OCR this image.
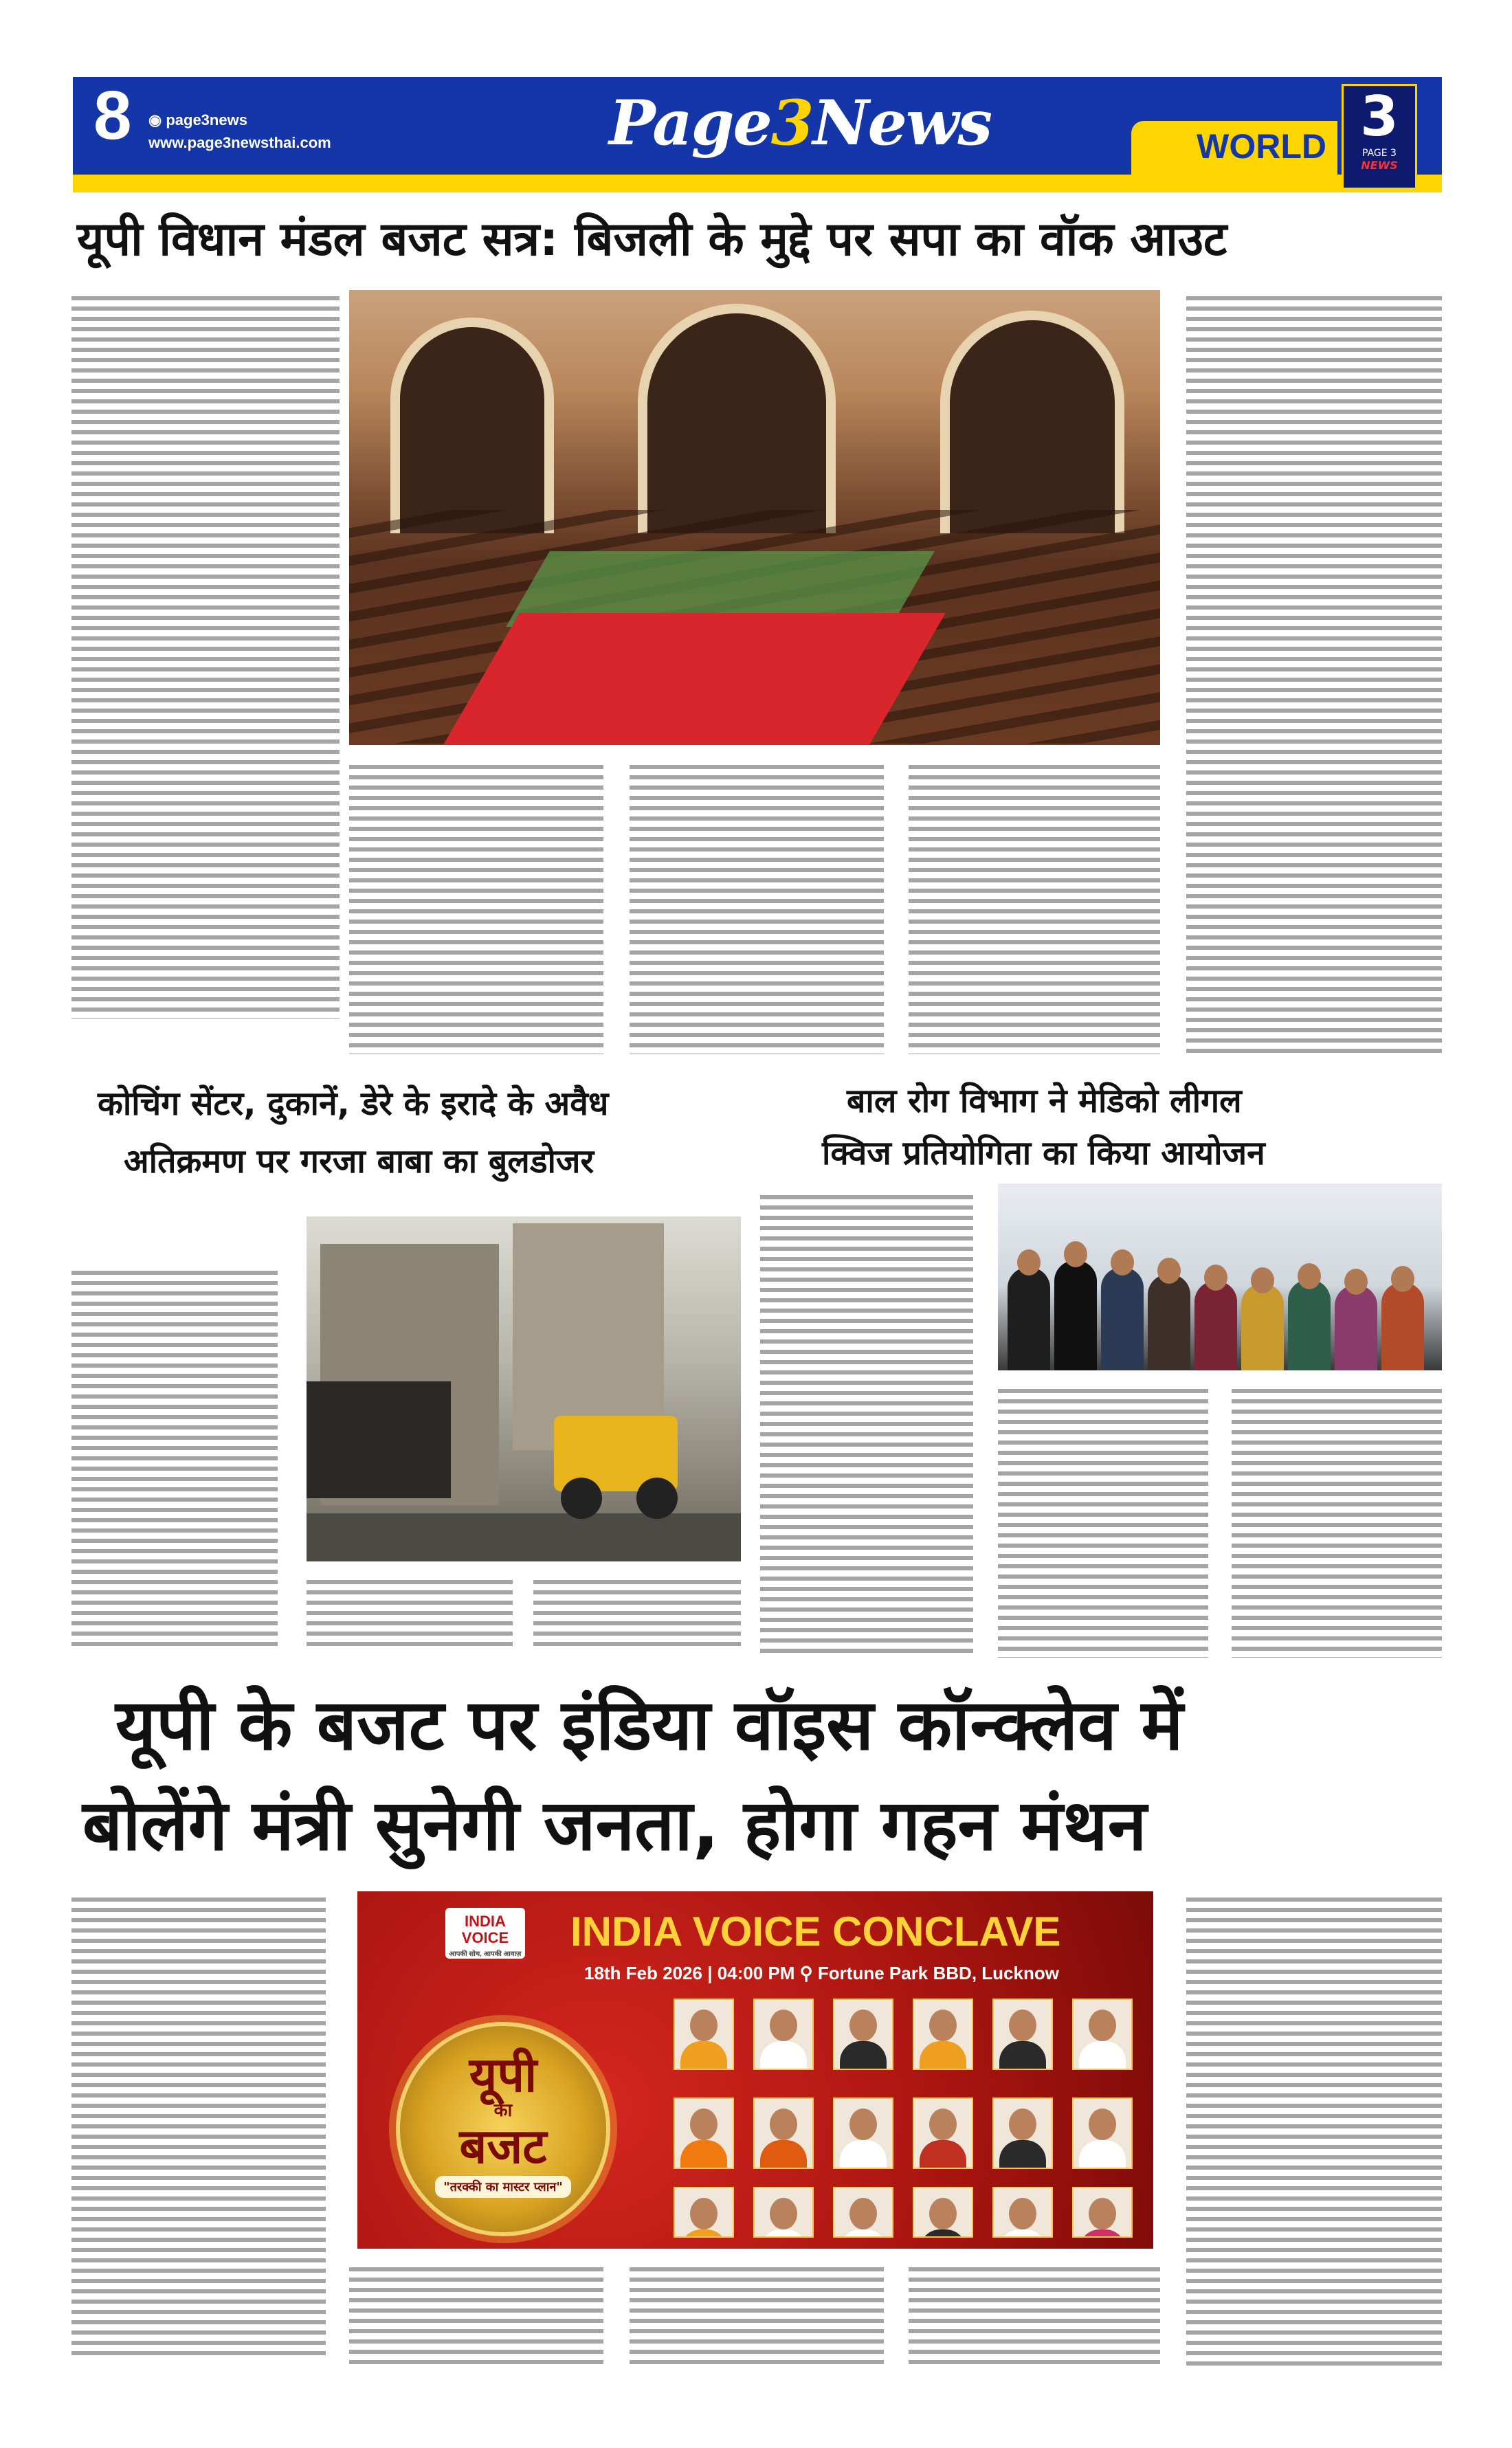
8 ◉ page3news
www.page3newsthai.com	Page3News	WORLD 3
PAGE 3
NEWS
यूपी विधान मंडल बजट सत्र: बिजली के मुद्दे पर सपा का वॉक आउट
कोचिंग सेंटर, दुकानें, डेरे के इरादे के अवैध
अतिक्रमण पर गरजा बाबा का बुलडोजर
बाल रोग विभाग ने मेडिको लीगल
क्विज प्रतियोगिता का किया आयोजन
यूपी के बजट पर इंडिया वॉइस कॉन्क्लेव में
बोलेंगे मंत्री सुनेगी जनता, होगा गहन मंथन
INDIA
VOICE
आपकी सोच, आपकी आवाज़ INDIA VOICE CONCLAVE
18th Feb 2026 | 04:00 PM ⚲ Fortune Park BBD, Lucknow
यूपी
का
बजट
"तरक्की का मास्टर प्लान"
